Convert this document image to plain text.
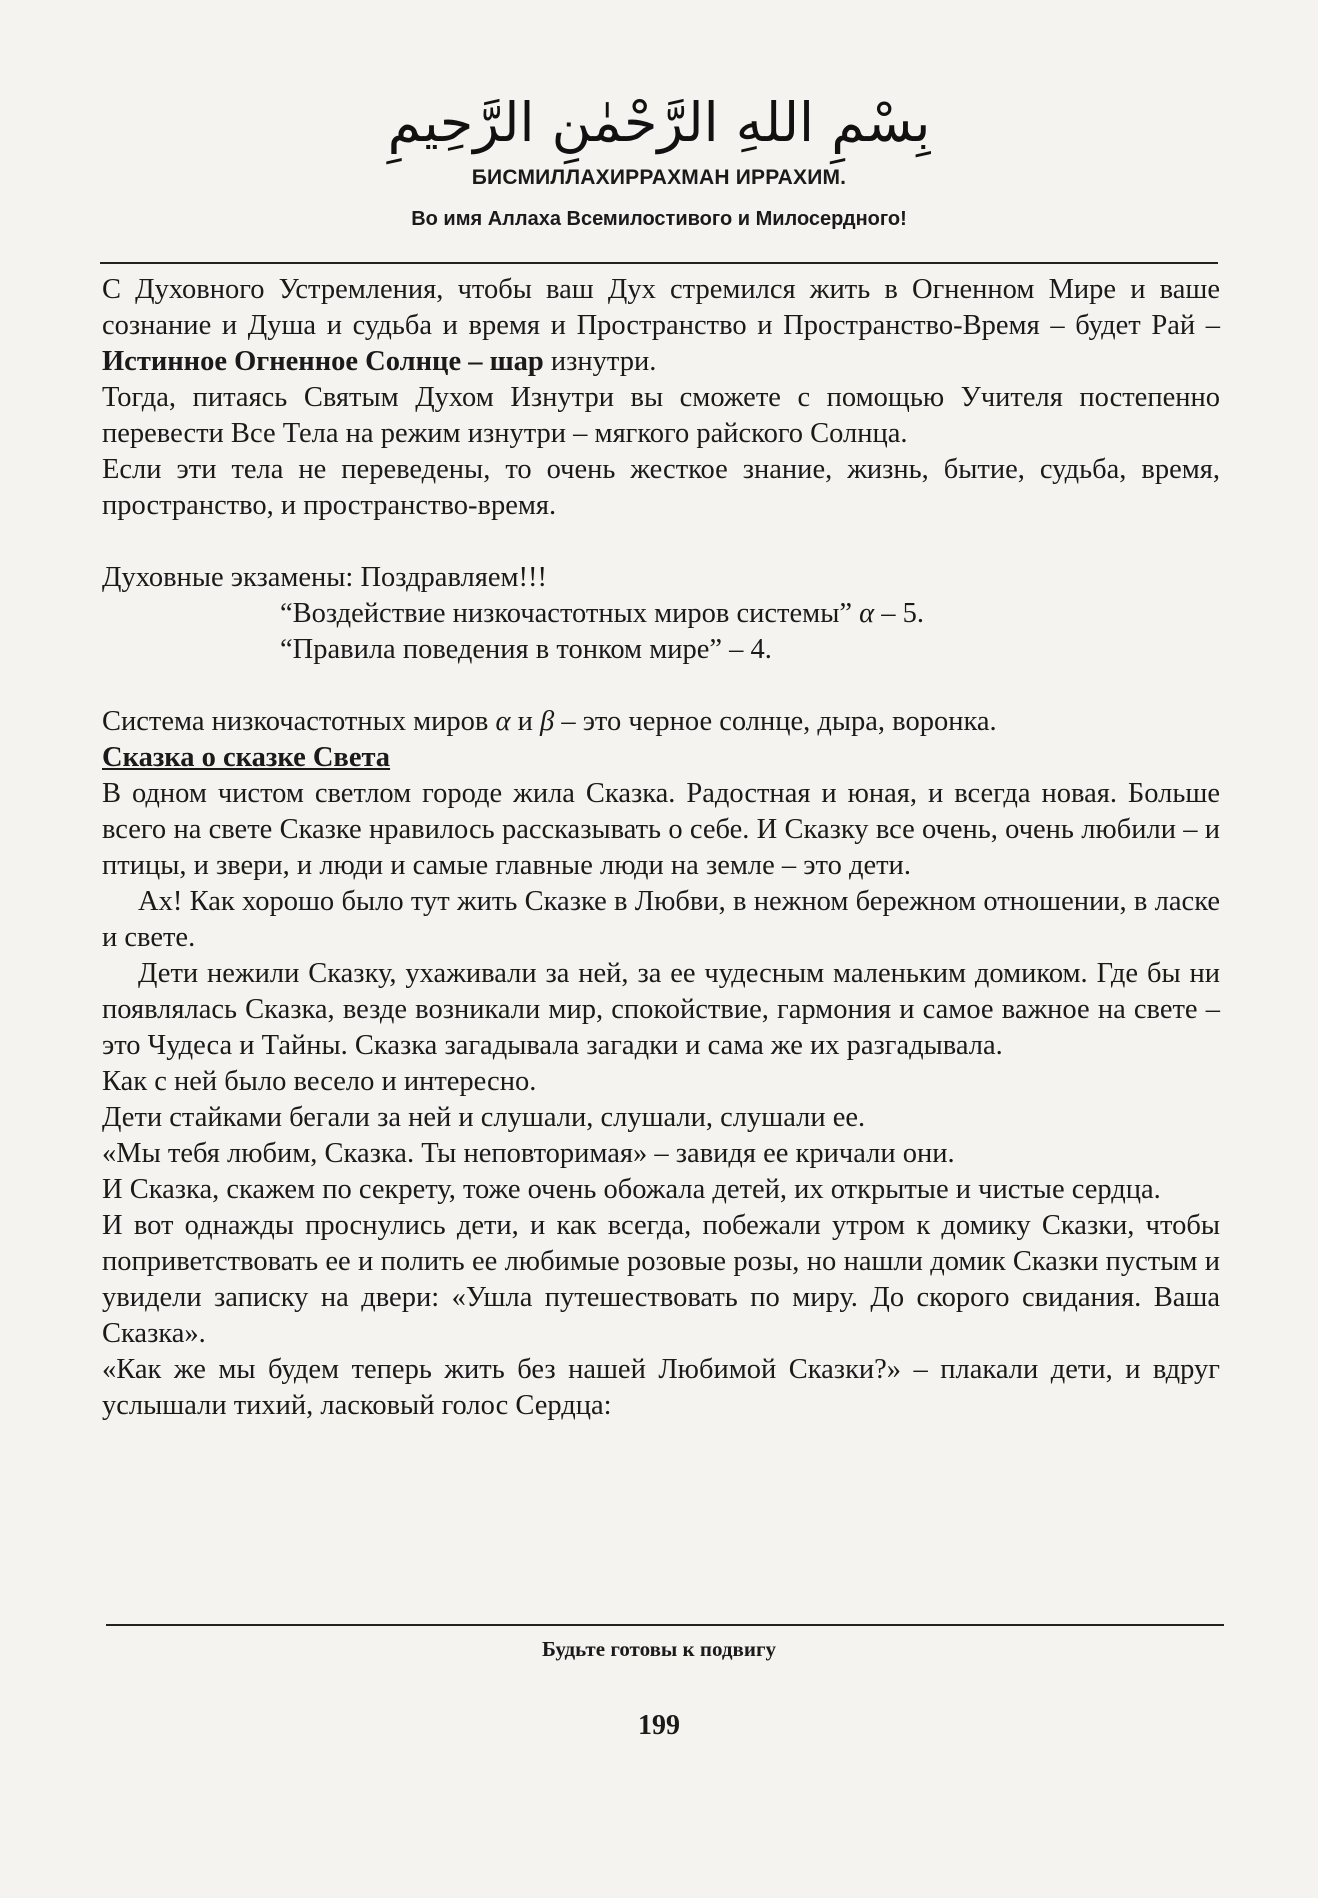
بِسْمِ اللهِ الرَّحْمٰنِ الرَّحِيمِ
БИСМИЛЛАХИРРАХМАН ИРРАХИМ.
Во имя Аллаха Всемилостивого и Милосердного!

С Духовного Устремления, чтобы ваш Дух стремился жить в Огненном Мире и ваше сознание и Душа и судьба и время и Пространство и Пространство-Время – будет Рай – Истинное Огненное Солнце – шар изнутри.

Тогда, питаясь Святым Духом Изнутри вы сможете с помощью Учителя постепенно перевести Все Тела на режим изнутри – мягкого райского Солнца.

Если эти тела не переведены, то очень жесткое знание, жизнь, бытие, судьба, время, пространство, и пространство-время.

Духовные экзамены: Поздравляем!!!

“Воздействие низкочастотных миров системы” α – 5.

“Правила поведения в тонком мире” – 4.

Система низкочастотных миров α и β – это черное солнце, дыра, воронка.

Сказка о сказке Света

В одном чистом светлом городе жила Сказка. Радостная и юная, и всегда новая. Больше всего на свете Сказке нравилось рассказывать о себе. И Сказку все очень, очень любили – и птицы, и звери, и люди и самые главные люди на земле – это дети.

Ах! Как хорошо было тут жить Сказке в Любви, в нежном бережном отношении, в ласке и свете.

Дети нежили Сказку, ухаживали за ней, за ее чудесным маленьким домиком. Где бы ни появлялась Сказка, везде возникали мир, спокойствие, гармония и самое важное на свете – это Чудеса и Тайны. Сказка загадывала загадки и сама же их разгадывала.

Как с ней было весело и интересно.

Дети стайками бегали за ней и слушали, слушали, слушали ее.

«Мы тебя любим, Сказка. Ты неповторимая» – завидя ее кричали они.

И Сказка, скажем по секрету, тоже очень обожала детей, их открытые и чистые сердца.

И вот однажды проснулись дети, и как всегда, побежали утром к домику Сказки, чтобы поприветствовать ее и полить ее любимые розовые розы, но нашли домик Сказки пустым и увидели записку на двери: «Ушла путешествовать по миру. До скорого свидания. Ваша Сказка».

«Как же мы будем теперь жить без нашей Любимой Сказки?» – плакали дети, и вдруг услышали тихий, ласковый голос Сердца:

Будьте готовы к подвигу
199
